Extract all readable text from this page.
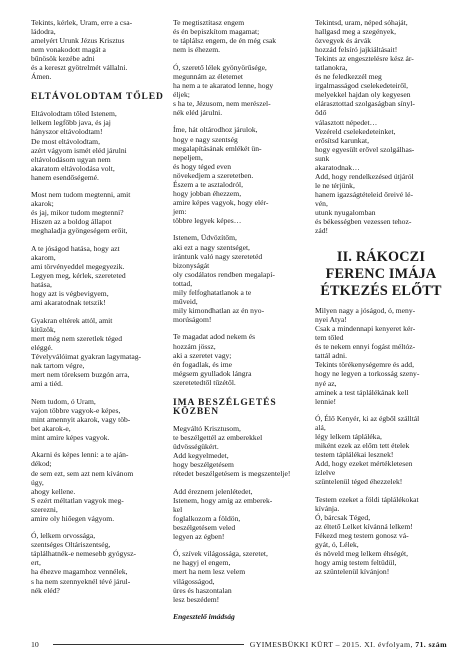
Tekints, kérlek, Uram, erre a csa-
ládodra,
amelyért Urunk Jézus Krisztus
nem vonakodott magát a
bűnösök kezébe adni
és a kereszt gyötrelmét vállalni.
Ámen.

ELTÁVOLODTAM TŐLED

Eltávolodtam tőled Istenem,
lelkem legfőbb java, és jaj
hányszor eltávolodtam!
De most eltávolodtam,
azért vágyom ismét eléd járulni
eltávolodásom ugyan nem
akaratom eltávolodása volt,
hanem esendőségemé.

Most nem tudom megtenni, amit
akarok;
és jaj, mikor tudom megtenni?
Hiszen az a boldog állapot
meghaladja gyöngeségem erőit,

A te jóságod hatása, hogy azt
akarom,
ami törvényeddel megegyezik.
Legyen meg, kérlek, szereteted
hatása,
hogy azt is végbevigyem,
ami akaratodnak tetszik!

Gyakran eltérek attól, amit
kitűzök,
mert még nem szeretlek téged
eléggé.
Tévelyválóimat gyakran lagymatag-
nak tartom végre,
mert nem töreksem buzgón arra,
ami a tiéd.

Nem tudom, ó Uram,
vajon többre vagyok-e képes,
mint amennyit akarok, vagy töb-
bet akarok-e,
mint amire képes vagyok.

Akarni és képes lenni: a te aján-
dékod;
de sem ezt, sem azt nem kívánom
úgy,
ahogy kellene.
S ezért méltatlan vagyok meg-
szerezni,
amire oly hiőegen vágyom.

Ó, lelkem orvossága,
szentséges Oltáriszentség,
táplálhatnék-e nemesebb gyógysz-
ert,
ha éhezve magamhoz vennélek,
s ha nem szennyeknél tévé járul-
nék eléd?

Te megtisztítasz engem
és én bepiszkítom magamat;
te táplálsz engem, de én még csak
nem is éhezem.

Ó, szerető lélek gyönyörűsége,
megunnám az életemet
ha nem a te akaratod lenne, hogy
éljek;
s ha te, Jézusom, nem merészel-
nék eléd járulni.

Íme, hát oltárodhoz járulok,
hogy e nagy szentség
megalapításának emlékét ün-
nepeljem,
és hogy téged even
növekedjem a szeretetben.
Észem a te asztalodról,
hogy jobban éhezzem,
amire képes vagyok, hogy elér-
jem:
többre legyek képes…

Istenem, Üdvözítőm,
aki ezt a nagy szentséget,
irántunk való nagy szeretetéd
bizonyságát
oly csodálatos rendben megalapí-
tottad,
mily felfoghatatlanok a te
műveid,
mily kimondhatlan az én nyo-
morúságom!

Te magadat adod nekem és
hozzám jössz,
aki a szeretet vagy;
én fogadlak, és ime
mégsem gyulladok lángra
szeretetedtől tűzétől.

IMA BESZÉLGETÉS KÖZBEN

Megváltó Krisztusom,
te beszélgettél az emberekkel
üdvösségükért.
Add kegyelmedet,
hogy beszélgetésem
rétedet beszélgetésem is megszentelje!

Add éreznem jelenlétedet,
Istenem, hogy amíg az emberek-
kel
foglalkozom a földön,
beszélgetésem veled
legyen az égben!

Ó, szívek világossága, szeretet,
ne hagyj el engem,
mert ha nem lesz velem
világosságod,
üres és haszontalan
lesz beszédem!

Engesztelő imádság

Tekintsd, uram, néped sóhaját,
hallgasd meg a szegények,
özvegyek és árvák
hozzád felsíró jajkiáltásait!
Tekints az engesztelésre kész ár-
tatlanokra,
és ne feledkezzél meg
irgalmasságod cselekedeteiről,
melyekkel hajdan oly kegyesen
elárasztottad szolgaságban sínyl-
ődő
választott népedet…
Vezéreld cselekedeteinket,
erősítsd karunkat,
hogy egyesült erővel szolgálhas-
sunk
akaratodnak…
Add, hogy rendelkezésed útjáról
le ne térjünk,
hanem igazságtételeid őreivé lé-
vén,
utunk nyugalomban
és békességben vezessen tehoz-
zád!

II. RÁKOCZI FERENC IMÁJA
ÉTKEZÉS ELŐTT

Milyen nagy a jóságod, ó, meny-
nyei Atya!
Csak a mindennapi kenyeret kér-
tem tőled
és te nekem ennyi fogást méltóz-
tattál adni.
Tekints törékenységemre és add,
hogy ne legyen a torkosság szeny-
nyé az,
aminek a test táplálékának kell
lennie!

Ó, Élő Kenyér, ki az égből szálltál
alá,
légy lelkem tápláléka,
miként ezek az előm tett ételek
testem táplálékai lesznek!
Add, hogy ezeket mértékletesen
ízlelve
szüntelenül téged éhezzelek!

Testem ezeket a földi táplálékokat
kívánja.
Ó, bárcsak Téged,
az éltető Lelket kívánná lelkem!
Fékezd meg testem gonosz vá-
gyát, ó, Lélek,
és növeld meg lelkem éhségét,
hogy amig testem feltüdül,
az szüntelenül kívánjon!

10	GYIMESBÜKKI KÜRT – 2015. XI. évfolyam, 71. szám
